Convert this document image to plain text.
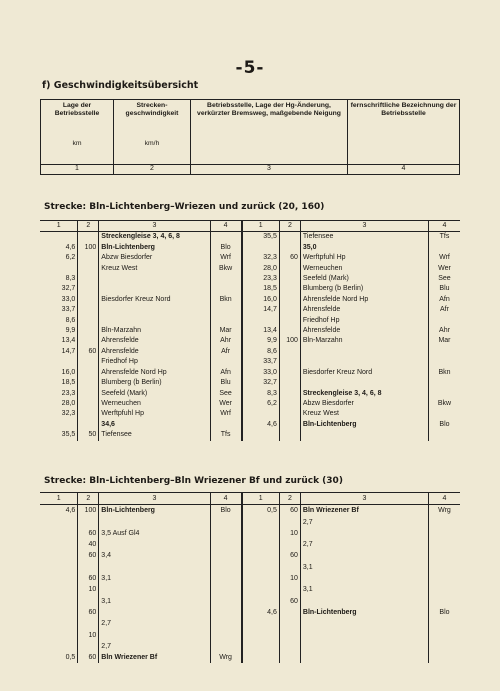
-5-
f) Geschwindigkeitsübersicht
Lage der Betriebsstelle
km	Strecken-geschwindigkeit
km/h	Betriebsstelle, Lage der Hg-Änderung, verkürzter Bremsweg, maßgebende Neigung	fernschriftliche Bezeichnung der Betriebsstelle
1	2	3	4
Strecke: Bln-Lichtenberg–Wriezen und zurück (20, 160)
1	2	3	4	1	2	3	4
		Streckengleise 3, 4, 6, 8		35,5		Tiefensee	Tfs
4,6	100	Bln-Lichtenberg	Blo			35,0	
6,2		Abzw Biesdorfer	Wrf	32,3	60	Werftpfuhl Hp	Wrf
		Kreuz West	Bkw	28,0		Werneuchen	Wer
8,3				23,3		Seefeld (Mark)	See
32,7				18,5		Blumberg (b Berlin)	Blu
33,0		Biesdorfer Kreuz Nord	Bkn	16,0		Ahrensfelde Nord Hp	Afn
33,7				14,7		Ahrensfelde	Afr
8,6						Friedhof Hp	
9,9		Bln-Marzahn	Mar	13,4		Ahrensfelde	Ahr
13,4		Ahrensfelde	Ahr	9,9	100	Bln-Marzahn	Mar
14,7	60	Ahrensfelde	Afr	8,6			
		Friedhof Hp		33,7			
16,0		Ahrensfelde Nord Hp	Afn	33,0		Biesdorfer Kreuz Nord	Bkn
18,5		Blumberg (b Berlin)	Blu	32,7			
23,3		Seefeld (Mark)	See	8,3		Streckengleise 3, 4, 6, 8	
28,0		Werneuchen	Wer	6,2		Abzw Biesdorfer	Bkw
32,3		Werftpfuhl Hp	Wrf			Kreuz West	
		34,6		4,6		Bln-Lichtenberg	Blo
35,5	50	Tiefensee	Tfs				
Strecke: Bln-Lichtenberg–Bln Wriezener Bf und zurück (30)
1	2	3	4	1	2	3	4
4,6	100	Bln-Lichtenberg	Blo	0,5	60	Bln Wriezener Bf	Wrg
						2,7	
	60	3,5 Ausf Gl4			10		
	40					2,7	
	60	3,4			60		
						3,1	
	60	3,1			10		
	10					3,1	
		3,1			60		
	60			4,6		Bln-Lichtenberg	Blo
		2,7					
	10						
		2,7					
0,5	60	Bln Wriezener Bf	Wrg				
